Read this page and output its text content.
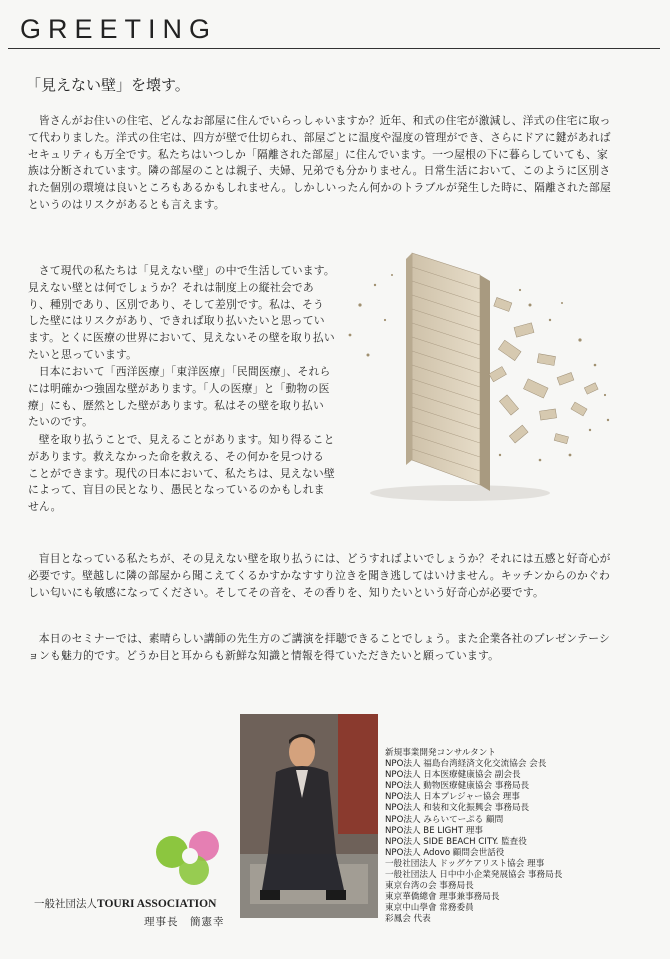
GREETING
「見えない壁」を壊す。

皆さんがお住いの住宅、どんなお部屋に住んでいらっしゃいますか？近年、和式の住宅が激減し、洋式の住宅に取って代わりました。洋式の住宅は、四方が壁で仕切られ、部屋ごとに温度や湿度の管理ができ、さらにドアに鍵があればセキュリティも万全です。私たちはいつしか「隔離された部屋」に住んでいます。一つ屋根の下に暮らしていても、家族は分断されています。隣の部屋のことは親子、夫婦、兄弟でも分かりません。日常生活において、このように区別された個別の環境は良いところもあるかもしれません。しかしいったん何かのトラブルが発生した時に、隔離された部屋というのはリスクがあるとも言えます。

さて現代の私たちは「見えない壁」の中で生活しています。見えない壁とは何でしょうか？それは制度上の縦社会であり、種別であり、区別であり、そして差別です。私は、そうした壁にはリスクがあり、できれば取り払いたいと思っています。とくに医療の世界において、見えないその壁を取り払いたいと思っています。

日本において「西洋医療」「東洋医療」「民間医療」、それらには明確かつ強固な壁があります。「人の医療」と「動物の医療」にも、歴然とした壁があります。私はその壁を取り払いたいのです。

壁を取り払うことで、見えることがあります。知り得ることがあります。救えなかった命を救える、その何かを見つけることができます。現代の日本において、私たちは、見えない壁によって、盲目の民となり、愚民となっているのかもしれません。

盲目となっている私たちが、その見えない壁を取り払うには、どうすればよいでしょうか？それには五感と好奇心が必要です。壁越しに隣の部屋から聞こえてくるかすかなすすり泣きを聞き逃してはいけません。キッチンからのかぐわしい匂いにも敏感になってください。そしてその音を、その香りを、知りたいという好奇心が必要です。

本日のセミナーでは、素晴らしい講師の先生方のご講演を拝聴できることでしょう。また企業各社のプレゼンテーションも魅力的です。どうか目と耳からも新鮮な知識と情報を得ていただきたいと願っています。

一般社団法人TOURI ASSOCIATION
理事長　簡憲幸
新規事業開発コンサルタント
NPO法人 福島台湾経済文化交流協会 会長
NPO法人 日本医療健康協会 副会長
NPO法人 動物医療健康協会 事務局長
NPO法人 日本プレジャー協会 理事
NPO法人 和装和文化振興会 事務局長
NPO法人 みらいてーぷる 顧問
NPO法人 BE LIGHT 理事
NPO法人 SIDE BEACH CITY. 監査役
NPO法人 Adovo 顧問会世話役
一般社団法人 ドッグケアリスト協会 理事
一般社団法人 日中中小企業発展協会 事務局長
東京台湾の会 事務局長
東京華僑總會 理事兼事務局長
東京中山學會 常務委員
彩鳳会 代表
